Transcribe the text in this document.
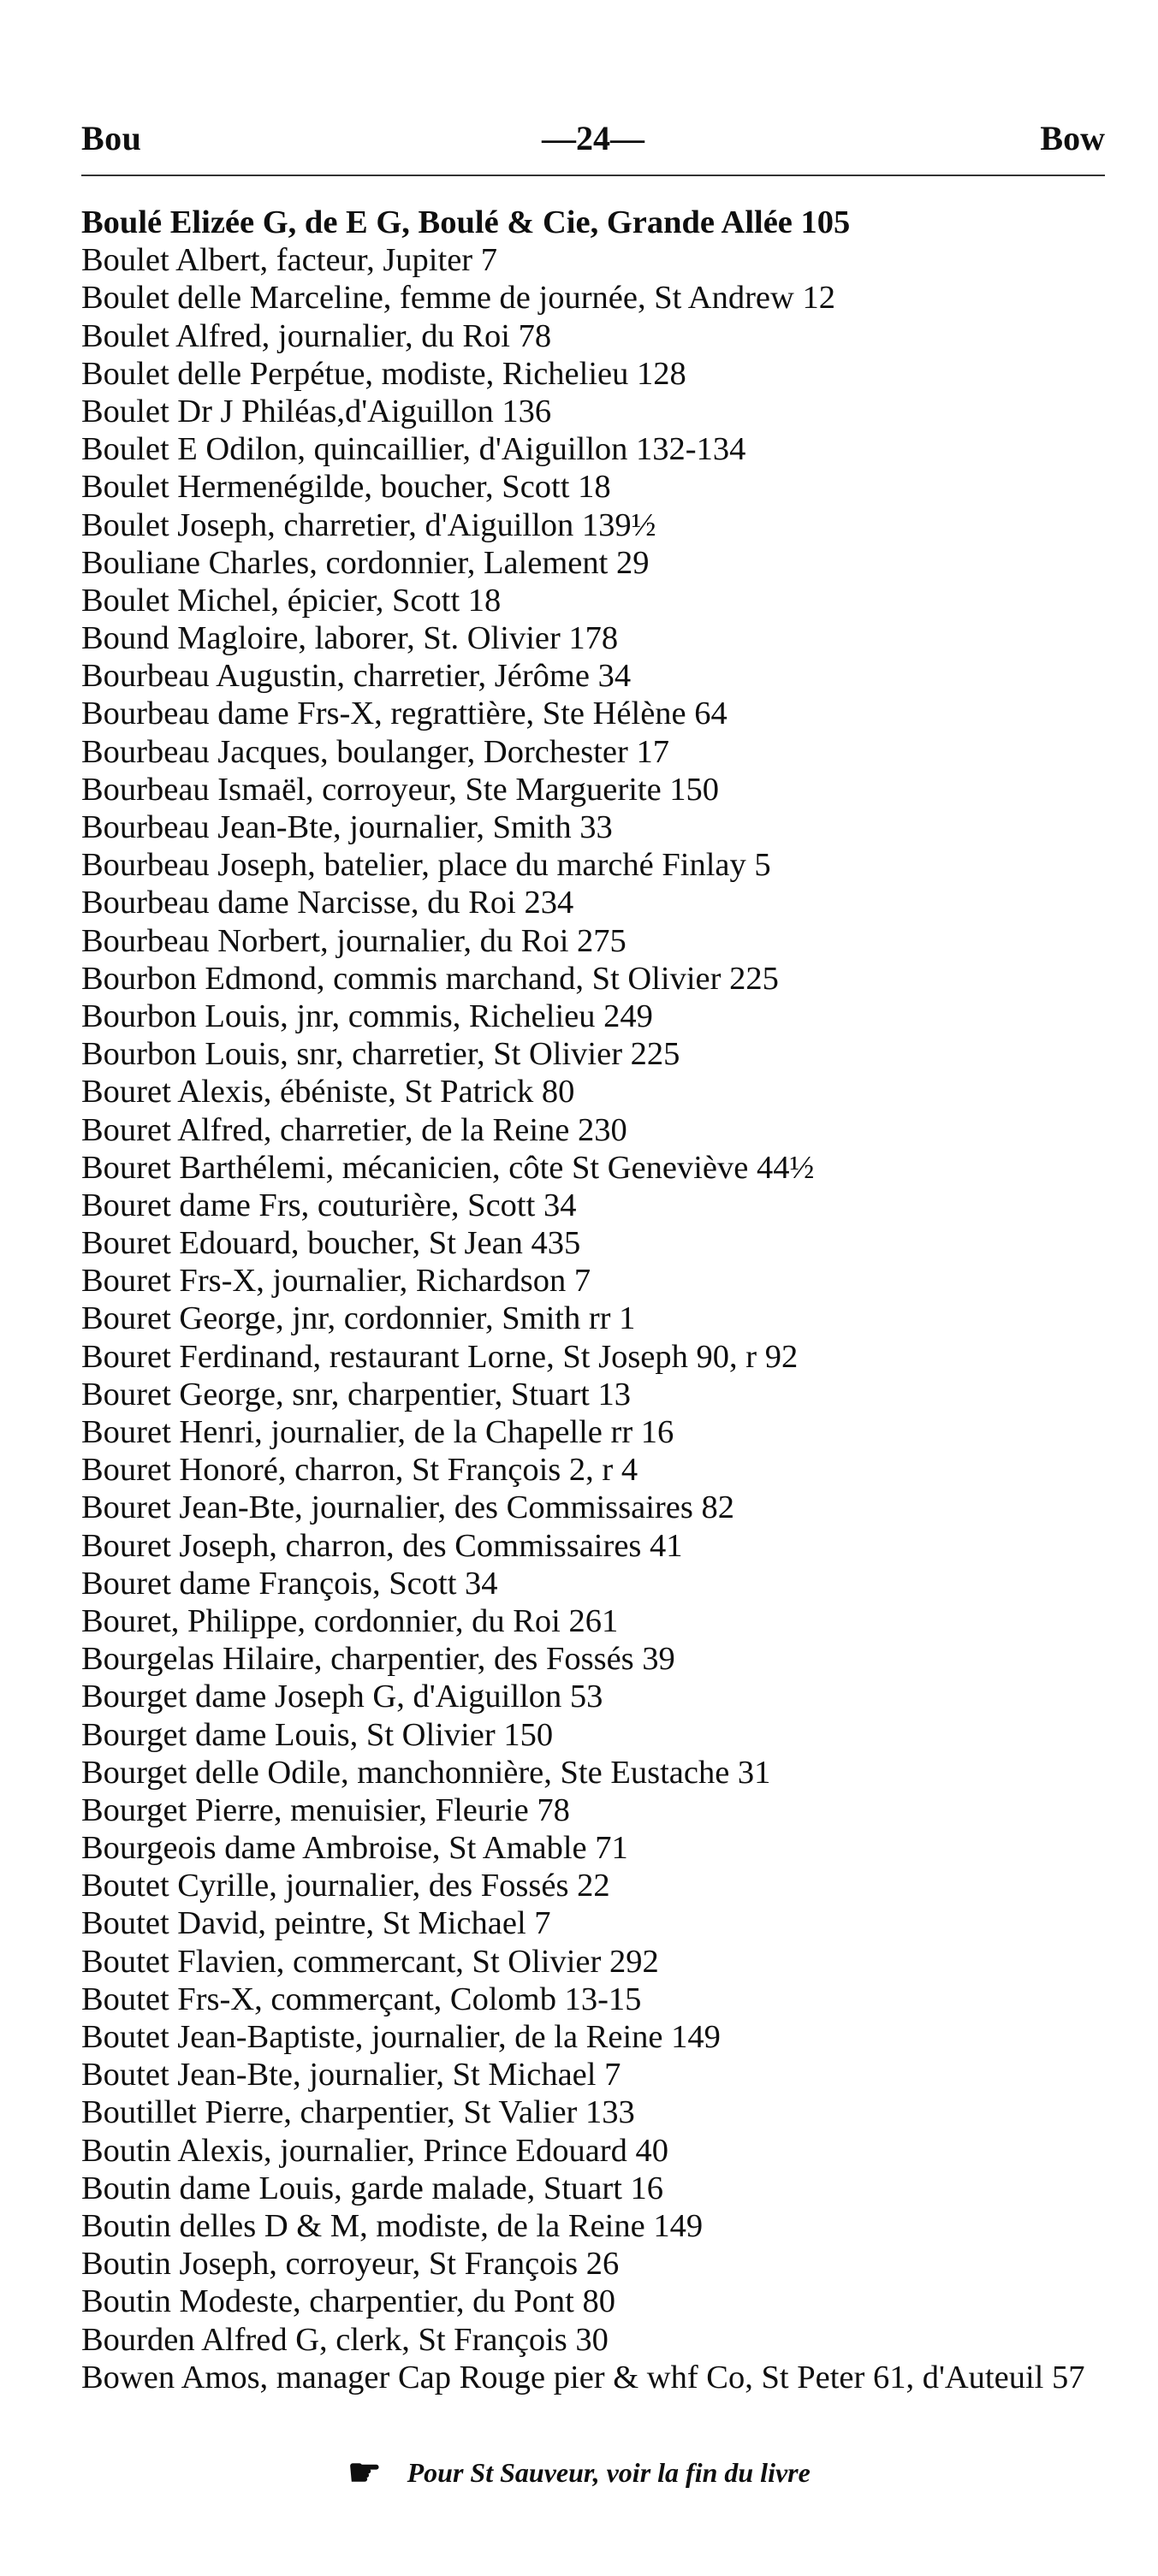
Bou	—24—	Bow
Boulé Elizée G, de E G, Boulé & Cie, Grande Allée 105
Boulet Albert, facteur, Jupiter 7
Boulet delle Marceline, femme de journée, St Andrew 12
Boulet Alfred, journalier, du Roi 78
Boulet delle Perpétue, modiste, Richelieu 128
Boulet Dr J Philéas,d'Aiguillon 136
Boulet E Odilon, quincaillier, d'Aiguillon 132-134
Boulet Hermenégilde, boucher, Scott 18
Boulet Joseph, charretier, d'Aiguillon 139½
Bouliane Charles, cordonnier, Lalement 29
Boulet Michel, épicier, Scott 18
Bound Magloire, laborer, St. Olivier 178
Bourbeau Augustin, charretier, Jérôme 34
Bourbeau dame Frs-X, regrattière, Ste Hélène 64
Bourbeau Jacques, boulanger, Dorchester 17
Bourbeau Ismaël, corroyeur, Ste Marguerite 150
Bourbeau Jean-Bte, journalier, Smith 33
Bourbeau Joseph, batelier, place du marché Finlay 5
Bourbeau dame Narcisse, du Roi 234
Bourbeau Norbert, journalier, du Roi 275
Bourbon Edmond, commis marchand, St Olivier 225
Bourbon Louis, jnr, commis, Richelieu 249
Bourbon Louis, snr, charretier, St Olivier 225
Bouret Alexis, ébéniste, St Patrick 80
Bouret Alfred, charretier, de la Reine 230
Bouret Barthélemi, mécanicien, côte St Geneviève 44½
Bouret dame Frs, couturière, Scott 34
Bouret Edouard, boucher, St Jean 435
Bouret Frs-X, journalier, Richardson 7
Bouret George, jnr, cordonnier, Smith rr 1
Bouret Ferdinand, restaurant Lorne, St Joseph 90, r 92
Bouret George, snr, charpentier, Stuart 13
Bouret Henri, journalier, de la Chapelle rr 16
Bouret Honoré, charron, St François 2, r 4
Bouret Jean-Bte, journalier, des Commissaires 82
Bouret Joseph, charron, des Commissaires 41
Bouret dame François, Scott 34
Bouret, Philippe, cordonnier, du Roi 261
Bourgelas Hilaire, charpentier, des Fossés 39
Bourget dame Joseph G, d'Aiguillon 53
Bourget dame Louis, St Olivier 150
Bourget delle Odile, manchonnière, Ste Eustache 31
Bourget Pierre, menuisier, Fleurie 78
Bourgeois dame Ambroise, St Amable 71
Boutet Cyrille, journalier, des Fossés 22
Boutet David, peintre, St Michael 7
Boutet Flavien, commercant, St Olivier 292
Boutet Frs-X, commerçant, Colomb 13-15
Boutet Jean-Baptiste, journalier, de la Reine 149
Boutet Jean-Bte, journalier, St Michael 7
Boutillet Pierre, charpentier, St Valier 133
Boutin Alexis, journalier, Prince Edouard 40
Boutin dame Louis, garde malade, Stuart 16
Boutin delles D & M, modiste, de la Reine 149
Boutin Joseph, corroyeur, St François 26
Boutin Modeste, charpentier, du Pont 80
Bourden Alfred G, clerk, St François 30
Bowen Amos, manager Cap Rouge pier & whf Co, St Peter 61, d'Auteuil 57
☛ Pour St Sauveur, voir la fin du livre
